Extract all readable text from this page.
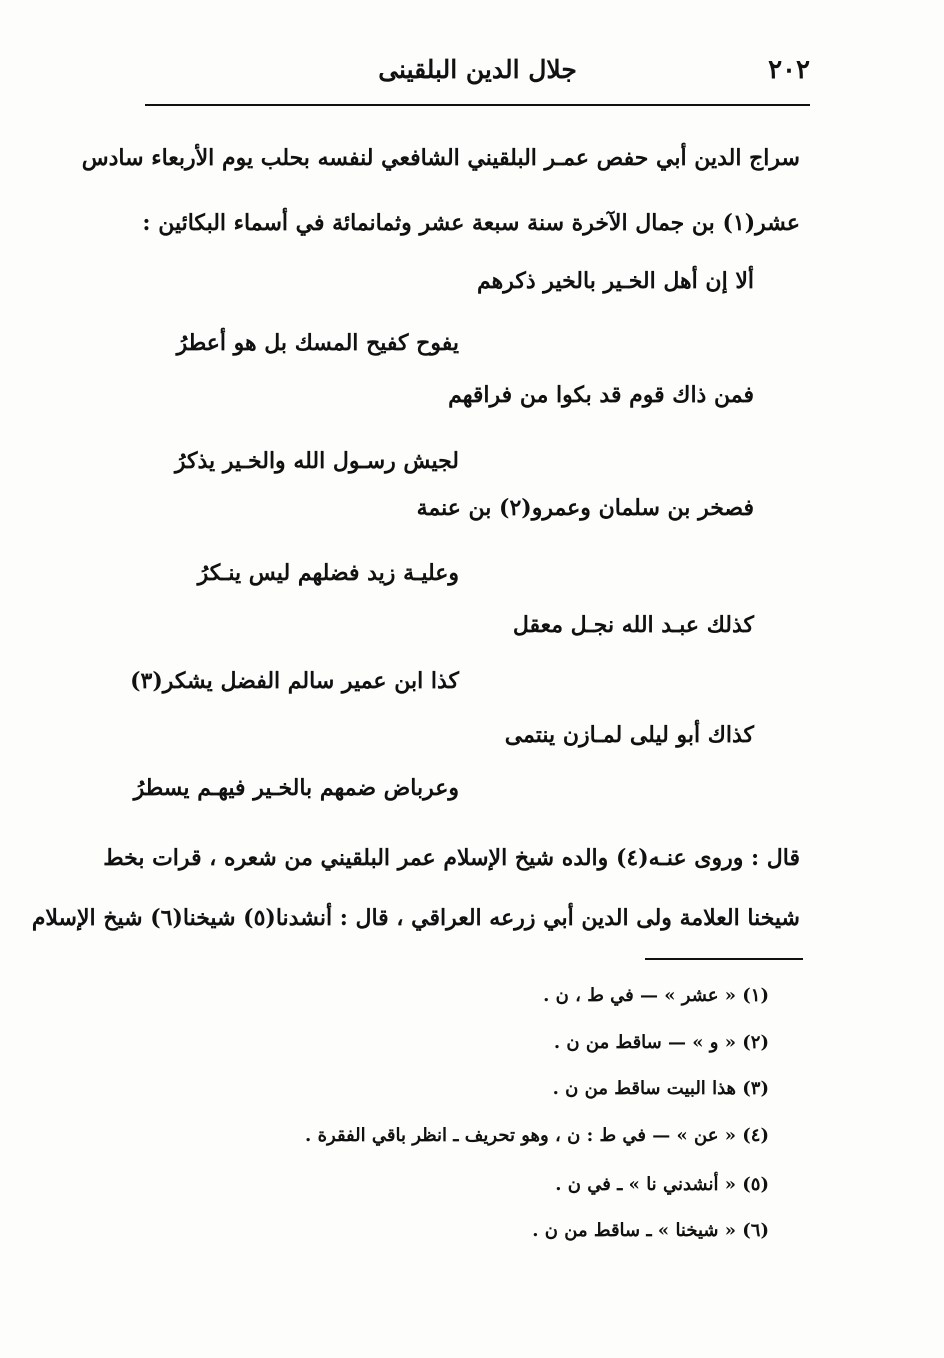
٢٠٢
جلال الدين البلقينى
سراج الدين أبي حفص عمـر البلقيني الشافعي لنفسه بحلب يوم الأربعاء سادس
عشر(١) بن جمال الآخرة سنة سبعة عشر وثمانمائة في أسماء البكائين :
ألا إن أهل الخـير بالخير ذكرهم
يفوح كفيح المسك بل هو أعطرُ
فمن ذاك قوم قد بكوا من فراقهم
لجيش رسـول الله والخـير يذكرُ
فصخر بن سلمان وعمرو(٢) بن عنمة
وعليـة زيد فضلهم ليس ينـكرُ
كذلك عبـد الله نجـل معقل
كذا ابن عمير سالم الفضل يشكر(٣)
كذاك أبو ليلى لمـازن ينتمى
وعرباض ضمهم بالخـير فيهـم يسطرُ
قال : وروى عنـه(٤) والده شيخ الإسلام عمر البلقيني من شعره ، قرات بخط
شيخنا العلامة ولى الدين أبي زرعه العراقي ، قال : أنشدنا(٥) شيخنا(٦) شيخ الإسلام
(١) « عشر » — في ط ، ن .
(٢) « و » — ساقط من ن .
(٣) هذا البيت ساقط من ن .
(٤) « عن » — في ط : ن ، وهو تحريف ـ انظر باقي الفقرة .
(٥) « أنشدني نا » ـ في ن .
(٦) « شيخنا » ـ ساقط من ن .
